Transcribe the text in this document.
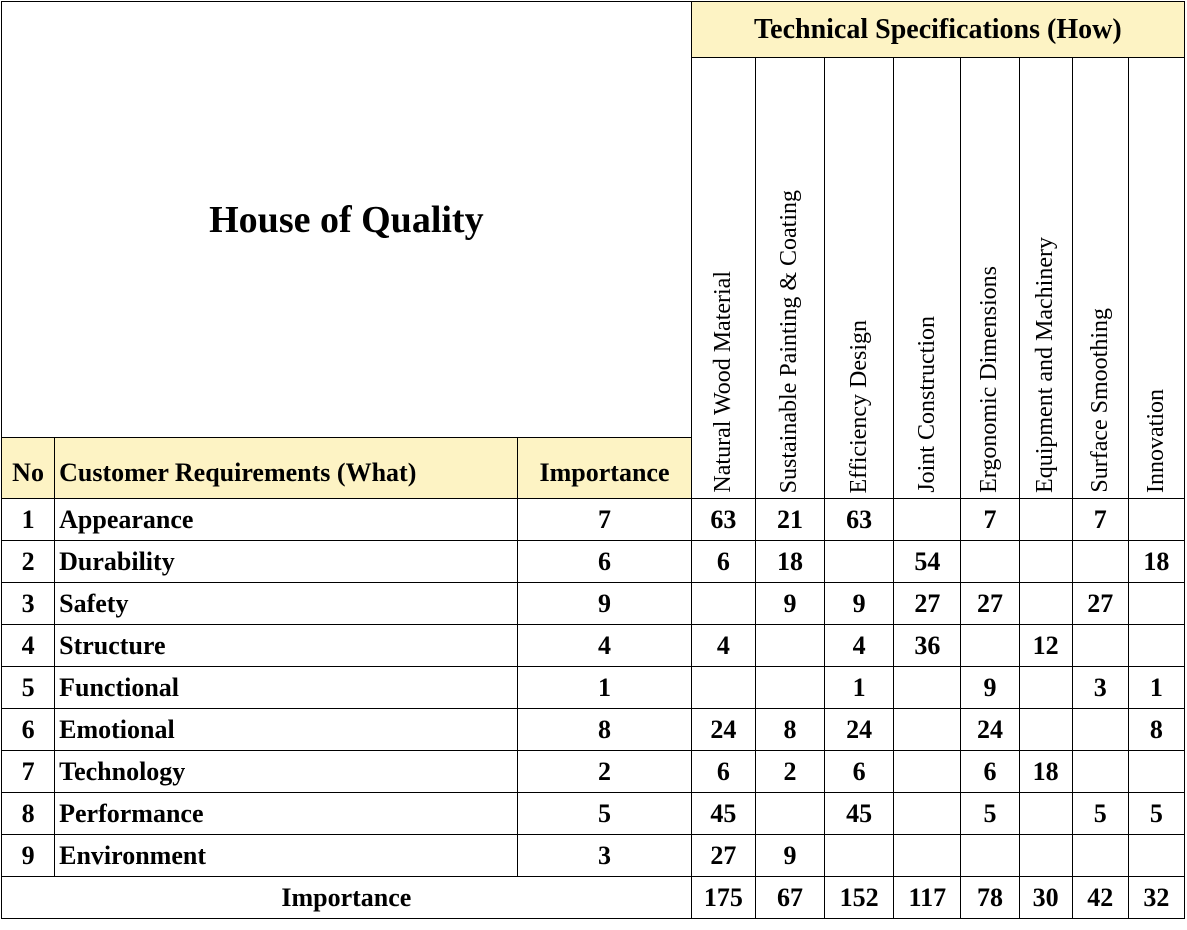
House of Quality			Technical Specifications (How)							
			Natural Wood Material	Sustainable Painting & Coating	Efficiency Design	Joint Construction	Ergonomic Dimensions	Equipment and Machinery	Surface Smoothing	Innovation
No	Customer Requirements (What)	Importance								
1	Appearance	7	63	21	63		7		7	
2	Durability	6	6	18		54				18
3	Safety	9		9	9	27	27		27	
4	Structure	4	4		4	36		12		
5	Functional	1			1		9		3	1
6	Emotional	8	24	8	24		24			8
7	Technology	2	6	2	6		6	18		
8	Performance	5	45		45		5		5	5
9	Environment	3	27	9						
Importance			175	67	152	117	78	30	42	32
